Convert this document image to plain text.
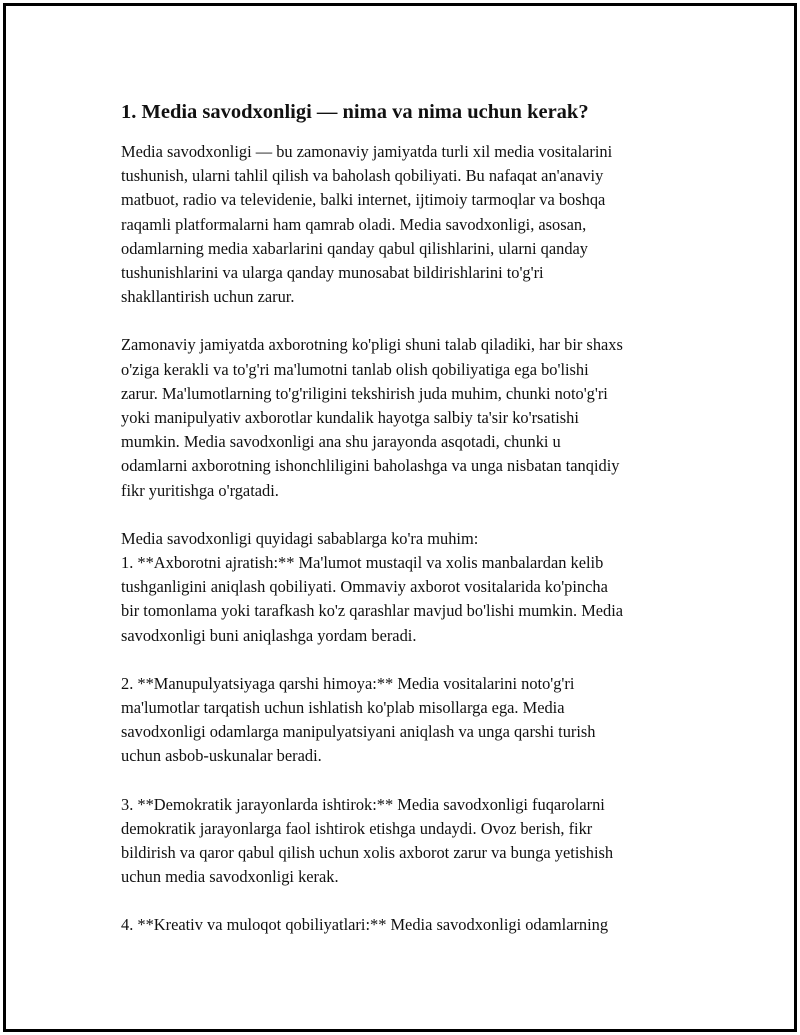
1. Media savodxonligi — nima va nima uchun kerak?

Media savodxonligi — bu zamonaviy jamiyatda turli xil media vositalarini
tushunish, ularni tahlil qilish va baholash qobiliyati. Bu nafaqat an'anaviy
matbuot, radio va televidenie, balki internet, ijtimoiy tarmoqlar va boshqa
raqamli platformalarni ham qamrab oladi. Media savodxonligi, asosan,
odamlarning media xabarlarini qanday qabul qilishlarini, ularni qanday
tushunishlarini va ularga qanday munosabat bildirishlarini to'g'ri
shakllantirish uchun zarur.

Zamonaviy jamiyatda axborotning ko'pligi shuni talab qiladiki, har bir shaxs
o'ziga kerakli va to'g'ri ma'lumotni tanlab olish qobiliyatiga ega bo'lishi
zarur. Ma'lumotlarning to'g'riligini tekshirish juda muhim, chunki noto'g'ri
yoki manipulyativ axborotlar kundalik hayotga salbiy ta'sir ko'rsatishi
mumkin. Media savodxonligi ana shu jarayonda asqotadi, chunki u
odamlarni axborotning ishonchliligini baholashga va unga nisbatan tanqidiy
fikr yuritishga o'rgatadi.

Media savodxonligi quyidagi sabablarga ko'ra muhim:
1. **Axborotni ajratish:** Ma'lumot mustaqil va xolis manbalardan kelib
tushganligini aniqlash qobiliyati. Ommaviy axborot vositalarida ko'pincha
bir tomonlama yoki tarafkash ko'z qarashlar mavjud bo'lishi mumkin. Media
savodxonligi buni aniqlashga yordam beradi.

2. **Manupulyatsiyaga qarshi himoya:** Media vositalarini noto'g'ri
ma'lumotlar tarqatish uchun ishlatish ko'plab misollarga ega. Media
savodxonligi odamlarga manipulyatsiyani aniqlash va unga qarshi turish
uchun asbob-uskunalar beradi.

3. **Demokratik jarayonlarda ishtirok:** Media savodxonligi fuqarolarni
demokratik jarayonlarga faol ishtirok etishga undaydi. Ovoz berish, fikr
bildirish va qaror qabul qilish uchun xolis axborot zarur va bunga yetishish
uchun media savodxonligi kerak.

4. **Kreativ va muloqot qobiliyatlari:** Media savodxonligi odamlarning
